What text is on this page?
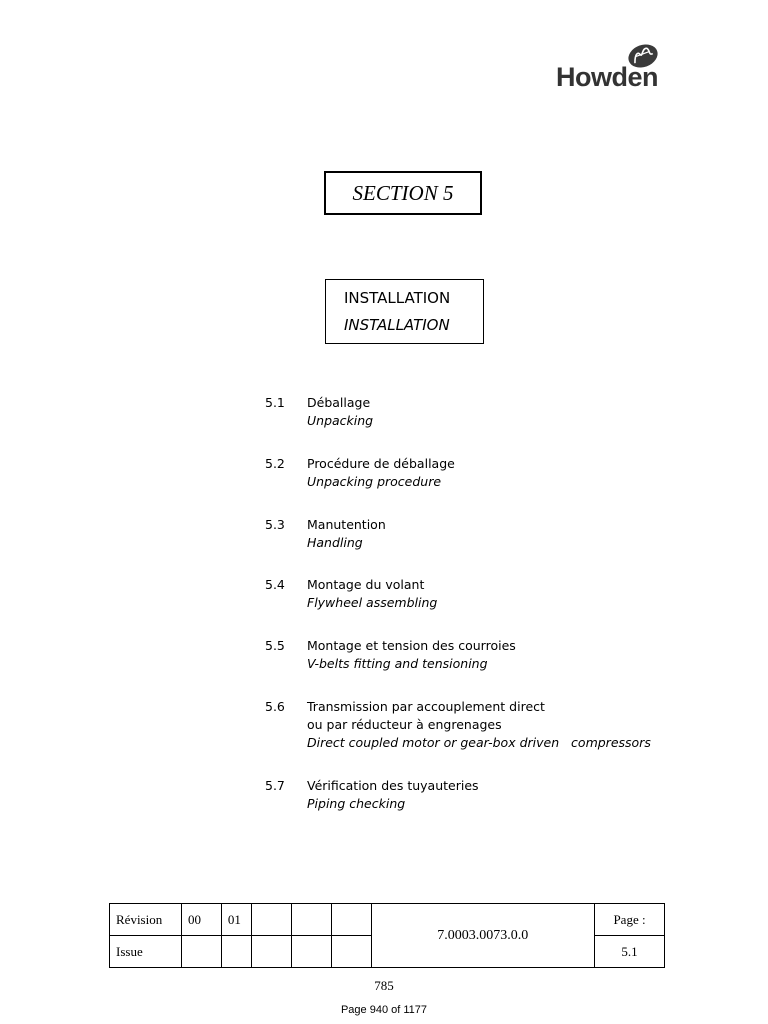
Howden
SECTION 5
INSTALLATION
INSTALLATION
5.1 Déballage
Unpacking
5.2 Procédure de déballage
Unpacking procedure
5.3 Manutention
Handling
5.4 Montage du volant
Flywheel assembling
5.5 Montage et tension des courroies
V-belts fitting and tensioning
5.6 Transmission par accouplement direct
ou par réducteur à engrenages
Direct coupled motor or gear-box driven   compressors
5.7 Vérification des tuyauteries
Piping checking
Révision	00	01				7.0003.0073.0.0	Page :
Issue							5.1
785
Page 940 of 1177
